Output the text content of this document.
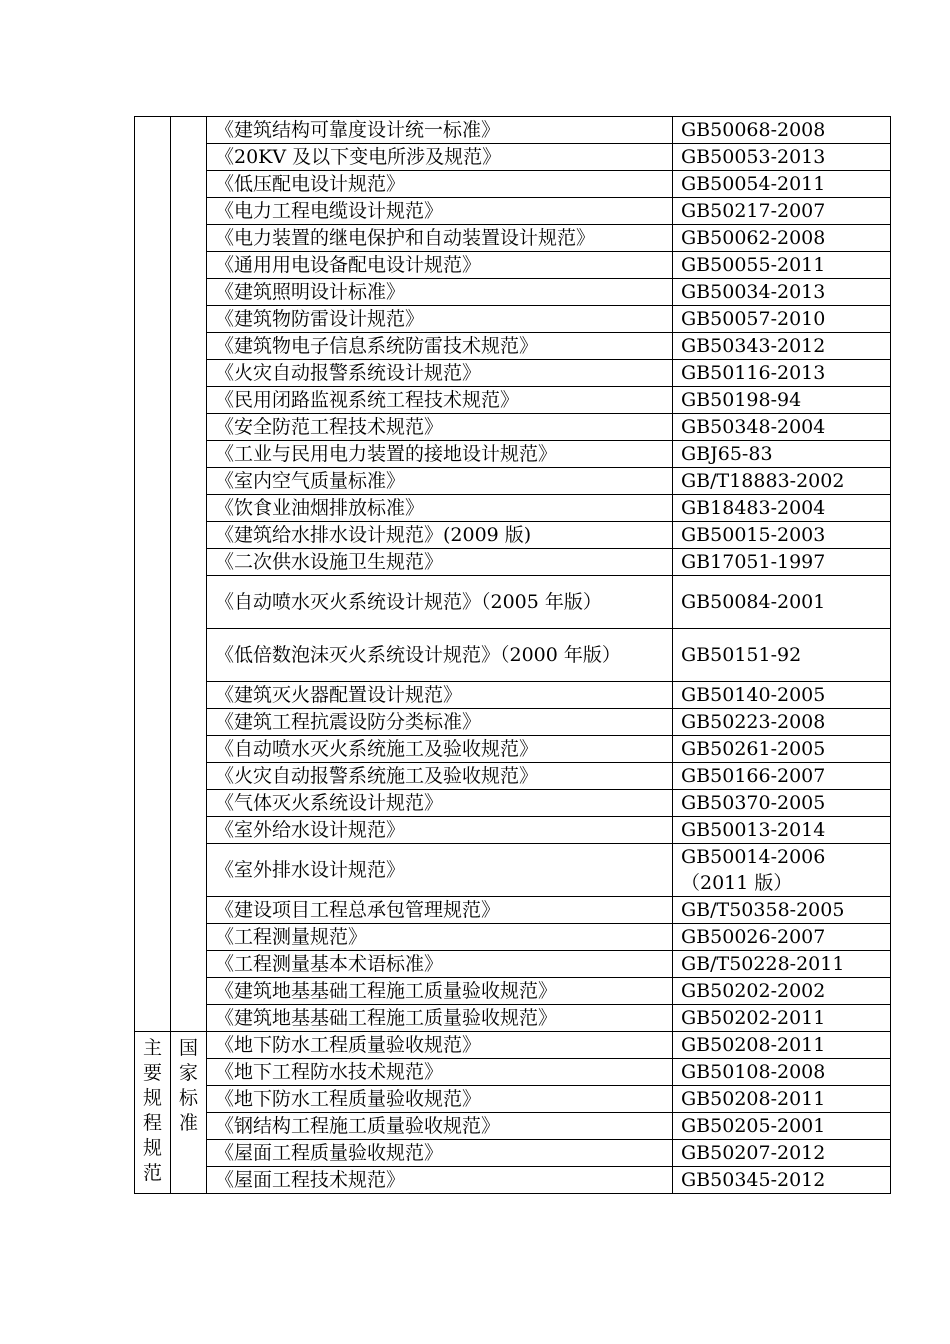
		《建筑结构可靠度设计统一标准》	GB50068-2008
		《20KV 及以下变电所涉及规范》	GB50053-2013
		《低压配电设计规范》	GB50054-2011
		《电力工程电缆设计规范》	GB50217-2007
		《电力装置的继电保护和自动装置设计规范》	GB50062-2008
		《通用用电设备配电设计规范》	GB50055-2011
		《建筑照明设计标准》	GB50034-2013
		《建筑物防雷设计规范》	GB50057-2010
		《建筑物电子信息系统防雷技术规范》	GB50343-2012
		《火灾自动报警系统设计规范》	GB50116-2013
		《民用闭路监视系统工程技术规范》	GB50198-94
		《安全防范工程技术规范》	GB50348-2004
		《工业与民用电力装置的接地设计规范》	GBJ65-83
		《室内空气质量标准》	GB/T18883-2002
		《饮食业油烟排放标准》	GB18483-2004
		《建筑给水排水设计规范》(2009 版)	GB50015-2003
		《二次供水设施卫生规范》	GB17051-1997
		《自动喷水灭火系统设计规范》（2005 年版）	GB50084-2001
		《低倍数泡沫灭火系统设计规范》（2000 年版）	GB50151-92
		《建筑灭火器配置设计规范》	GB50140-2005
		《建筑工程抗震设防分类标准》	GB50223-2008
		《自动喷水灭火系统施工及验收规范》	GB50261-2005
		《火灾自动报警系统施工及验收规范》	GB50166-2007
		《气体灭火系统设计规范》	GB50370-2005
		《室外给水设计规范》	GB50013-2014
		《室外排水设计规范》	GB50014-2006（2011 版）
		《建设项目工程总承包管理规范》	GB/T50358-2005
		《工程测量规范》	GB50026-2007
		《工程测量基本术语标准》	GB/T50228-2011
		《建筑地基基础工程施工质量验收规范》	GB50202-2002
		《建筑地基基础工程施工质量验收规范》	GB50202-2011

主要规程规范	国家标准	《地下防水工程质量验收规范》	GB50208-2011
		《地下工程防水技术规范》	GB50108-2008
		《地下防水工程质量验收规范》	GB50208-2011
		《钢结构工程施工质量验收规范》	GB50205-2001
		《屋面工程质量验收规范》	GB50207-2012
		《屋面工程技术规范》	GB50345-2012
